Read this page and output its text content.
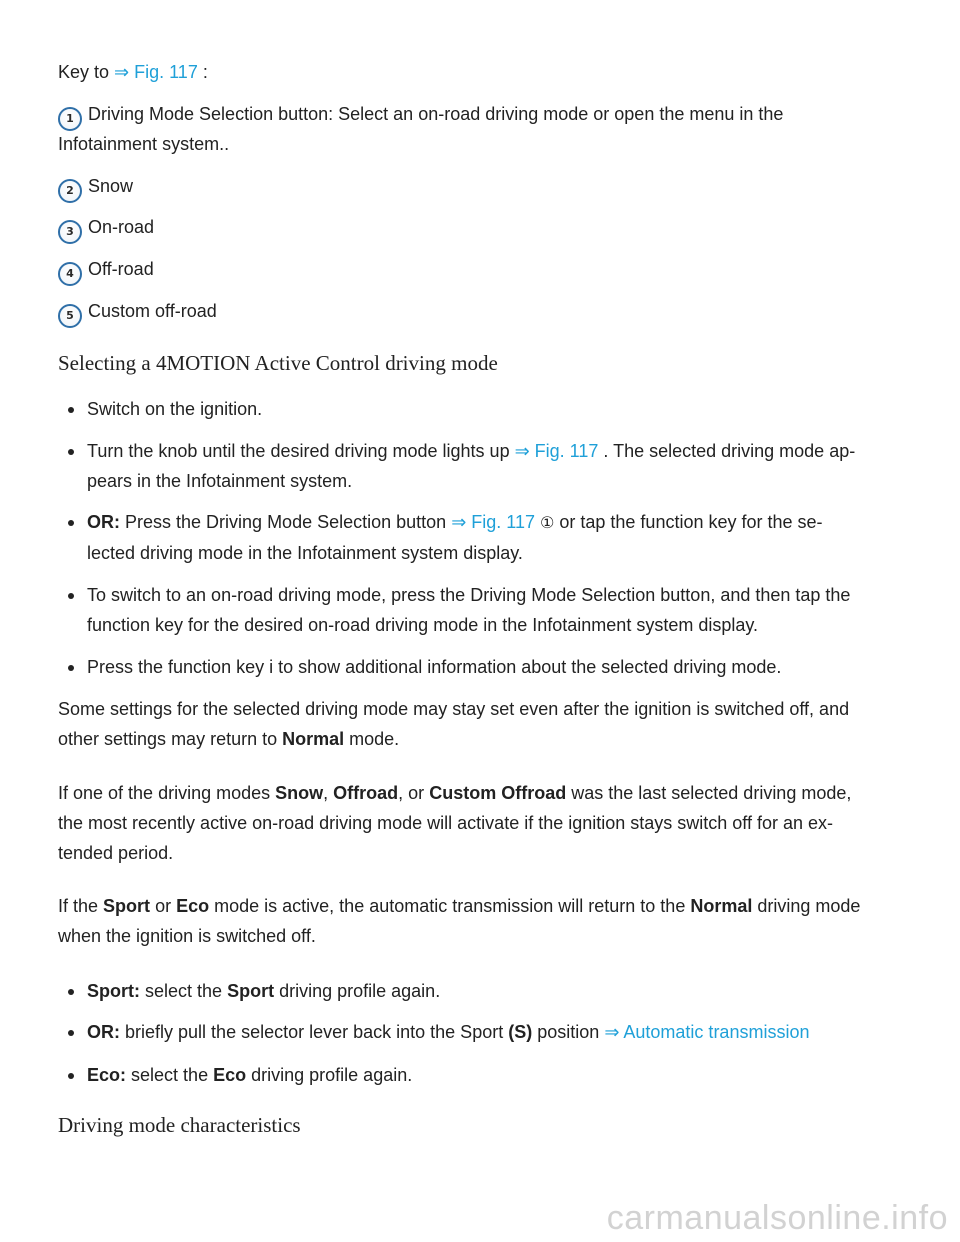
Key to ⇒ Fig. 117 :
1 Driving Mode Selection button: Select an on-road driving mode or open the menu in the
Infotainment system..
2 Snow
3 On-road
4 Off-road
5 Custom off-road
Selecting a 4MOTION Active Control driving mode
Switch on the ignition.
Turn the knob until the desired driving mode lights up ⇒ Fig. 117 . The selected driving mode ap-
pears in the Infotainment system.
OR: Press the Driving Mode Selection button ⇒ Fig. 117 ① or tap the function key for the se-
lected driving mode in the Infotainment system display.
To switch to an on-road driving mode, press the Driving Mode Selection button, and then tap the
function key for the desired on-road driving mode in the Infotainment system display.
Press the function key i to show additional information about the selected driving mode.
Some settings for the selected driving mode may stay set even after the ignition is switched off, and
other settings may return to Normal mode.
If one of the driving modes Snow, Offroad, or Custom Offroad was the last selected driving mode,
the most recently active on-road driving mode will activate if the ignition stays switch off for an ex-
tended period.
If the Sport or Eco mode is active, the automatic transmission will return to the Normal driving mode
when the ignition is switched off.
Sport: select the Sport driving profile again.
OR: briefly pull the selector lever back into the Sport (S) position ⇒ Automatic transmission
Eco: select the Eco driving profile again.
Driving mode characteristics
carmanualsonline.info
